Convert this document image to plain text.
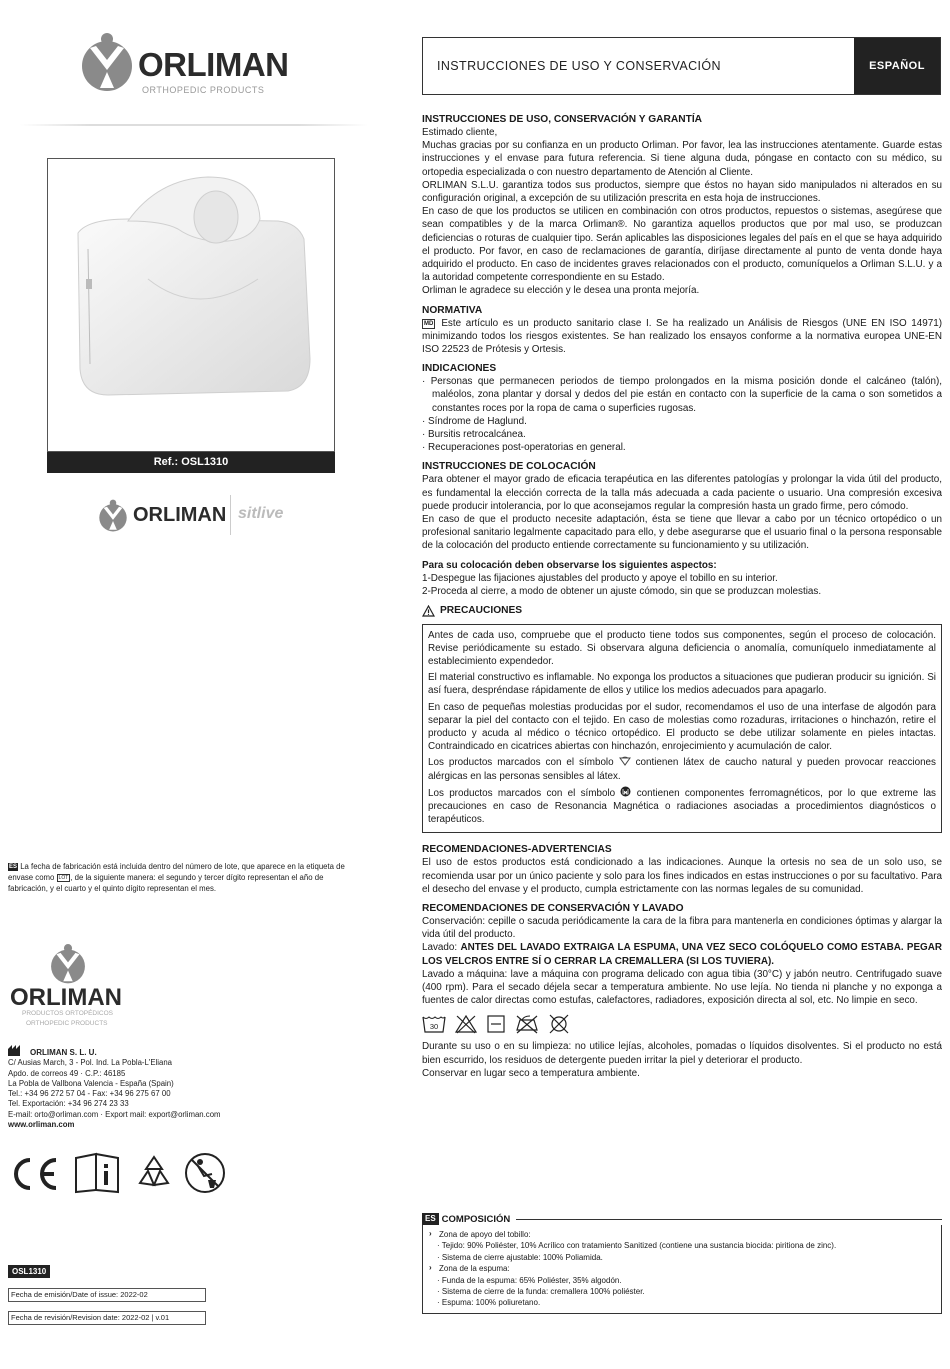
ORLIMAN
ORTHOPEDIC PRODUCTS
Ref.: OSL1310
ORLIMAN sitlive
ES La fecha de fabricación está incluida dentro del número de lote, que aparece en la etiqueta de envase como LOT , de la siguiente manera: el segundo y tercer dígito representan el año de fabricación, y el cuarto y el quinto dígito representan el mes.
ORLIMAN
PRODUCTOS ORTOPÉDICOS
ORTHOPEDIC PRODUCTS
ORLIMAN S. L. U.
C/ Ausias March, 3 - Pol. Ind. La Pobla-L'Eliana
Apdo. de correos 49 · C.P.: 46185
La Pobla de Vallbona Valencia - España (Spain)
Tel.: +34 96 272 57 04 - Fax: +34 96 275 67 00
Tel. Exportación: +34 96 274 23 33
E-mail: orto@orliman.com · Export mail: export@orliman.com
www.orliman.com
OSL1310
Fecha de emisión/Date of issue: 2022-02
Fecha de revisión/Revision date: 2022-02 | v.01
INSTRUCCIONES DE USO Y CONSERVACIÓN	ESPAÑOL
INSTRUCCIONES DE USO, CONSERVACIÓN Y GARANTÍA

Estimado cliente,

Muchas gracias por su confianza en un producto Orliman. Por favor, lea las instrucciones atentamente. Guarde estas instrucciones y el envase para futura referencia. Si tiene alguna duda, póngase en contacto con su médico, su ortopedia especializada o con nuestro departamento de Atención al Cliente.

ORLIMAN S.L.U. garantiza todos sus productos, siempre que éstos no hayan sido manipulados ni alterados en su configuración original, a excepción de su utilización prescrita en esta hoja de instrucciones.

En caso de que los productos se utilicen en combinación con otros productos, repuestos o sistemas, asegúrese que sean compatibles y de la marca Orliman®. No garantiza aquellos productos que por mal uso, se produzcan deficiencias o roturas de cualquier tipo. Serán aplicables las disposiciones legales del país en el que se haya adquirido el producto. Por favor, en caso de reclamaciones de garantía, diríjase directamente al punto de venta donde haya adquirido el producto. En caso de incidentes graves relacionados con el producto, comuníquelos a Orliman S.L.U. y a la autoridad competente correspondiente en su Estado.

Orliman le agradece su elección y le desea una pronta mejoría.

NORMATIVA

MD Este artículo es un producto sanitario clase I. Se ha realizado un Análisis de Riesgos (UNE EN ISO 14971) minimizando todos los riesgos existentes. Se han realizado los ensayos conforme a la normativa europea UNE-EN ISO 22523 de Prótesis y Ortesis.

INDICACIONES
· Personas que permanecen periodos de tiempo prolongados en la misma posición donde el calcáneo (talón), maléolos, zona plantar y dorsal y dedos del pie están en contacto con la superficie de la cama o son sometidos a constantes roces por la ropa de cama o superficies rugosas.
· Síndrome de Haglund.
· Bursitis retrocalcánea.
· Recuperaciones post-operatorias en general.
INSTRUCCIONES DE COLOCACIÓN

Para obtener el mayor grado de eficacia terapéutica en las diferentes patologías y prolongar la vida útil del producto, es fundamental la elección correcta de la talla más adecuada a cada paciente o usuario. Una compresión excesiva puede producir intolerancia, por lo que aconsejamos regular la compresión hasta un grado firme, pero cómodo.

En caso de que el producto necesite adaptación, ésta se tiene que llevar a cabo por un técnico ortopédico o un profesional sanitario legalmente capacitado para ello, y debe asegurarse que el usuario final o la persona responsable de la colocación del producto entiende correctamente su funcionamiento y su utilización.

Para su colocación deben observarse los siguientes aspectos:

1-Despegue las fijaciones ajustables del producto y apoye el tobillo en su interior.

2-Proceda al cierre, a modo de obtener un ajuste cómodo, sin que se produzcan molestias.

PRECAUCIONES

Antes de cada uso, compruebe que el producto tiene todos sus componentes, según el proceso de colocación. Revise periódicamente su estado. Si observara alguna deficiencia o anomalía, comuníquelo inmediatamente al establecimiento expendedor.

El material constructivo es inflamable. No exponga los productos a situaciones que pudieran producir su ignición. Si así fuera, despréndase rápidamente de ellos y utilice los medios adecuados para apagarlo.

En caso de pequeñas molestias producidas por el sudor, recomendamos el uso de una interfase de algodón para separar la piel del contacto con el tejido. En caso de molestias como rozaduras, irritaciones o hinchazón, retire el producto y acuda al médico o técnico ortopédico. El producto se debe utilizar solamente en pieles intactas. Contraindicado en cicatrices abiertas con hinchazón, enrojecimiento y acumulación de calor.

Los productos marcados con el símbolo contienen látex de caucho natural y pueden provocar reacciones alérgicas en las personas sensibles al látex.

Los productos marcados con el símbolo contienen componentes ferromagnéticos, por lo que extreme las precauciones en caso de Resonancia Magnética o radiaciones asociadas a procedimientos diagnósticos o terapéuticos.

RECOMENDACIONES-ADVERTENCIAS

El uso de estos productos está condicionado a las indicaciones. Aunque la ortesis no sea de un solo uso, se recomienda usar por un único paciente y solo para los fines indicados en estas instrucciones o por su facultativo. Para el desecho del envase y el producto, cumpla estrictamente con las normas legales de su comunidad.

RECOMENDACIONES DE CONSERVACIÓN Y LAVADO

Conservación: cepille o sacuda periódicamente la cara de la fibra para mantenerla en condiciones óptimas y alargar la vida útil del producto.

Lavado: ANTES DEL LAVADO EXTRAIGA LA ESPUMA, UNA VEZ SECO COLÓQUELO COMO ESTABA. PEGAR LOS VELCROS ENTRE SÍ O CERRAR LA CREMALLERA (SI LOS TUVIERA).

Lavado a máquina: lave a máquina con programa delicado con agua tibia (30°C) y jabón neutro. Centrifugado suave (400 rpm). Para el secado déjela secar a temperatura ambiente. No use lejía. No tienda ni planche y no exponga a fuentes de calor directas como estufas, calefactores, radiadores, exposición directa al sol, etc. No limpie en seco.

30

Durante su uso o en su limpieza: no utilice lejías, alcoholes, pomadas o líquidos disolventes. Si el producto no está bien escurrido, los residuos de detergente pueden irritar la piel y deteriorar el producto.

Conservar en lugar seco a temperatura ambiente.

ES COMPOSICIÓN
› Zona de apoyo del tobillo:
· Tejido: 90% Poliéster, 10% Acrílico con tratamiento Sanitized (contiene una sustancia biocida: piritiona de zinc).
· Sistema de cierre ajustable: 100% Poliamida.
› Zona de la espuma:
· Funda de la espuma: 65% Poliéster, 35% algodón.
· Sistema de cierre de la funda: cremallera 100% poliéster.
· Espuma: 100% poliuretano.
